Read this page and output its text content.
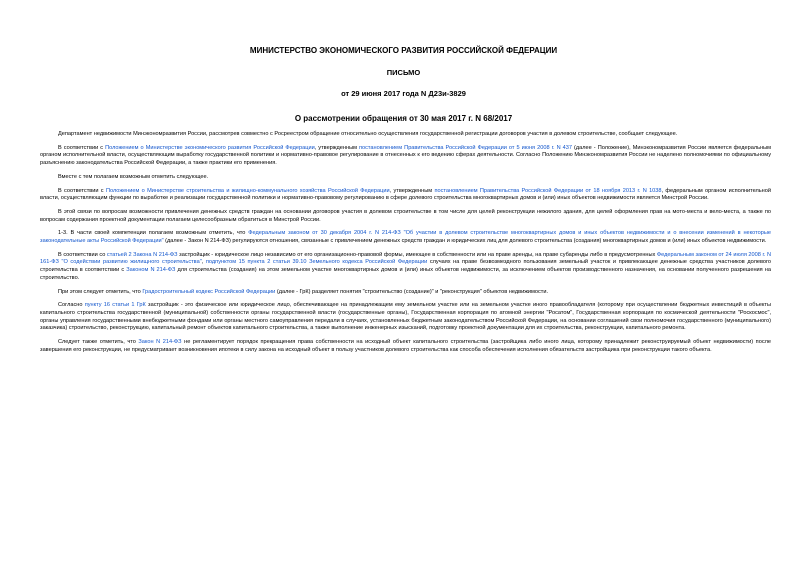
МИНИСТЕРСТВО ЭКОНОМИЧЕСКОГО РАЗВИТИЯ РОССИЙСКОЙ ФЕДЕРАЦИИ
ПИСЬМО
от 29 июня 2017 года N Д23и-3829
О рассмотрении обращения от 30 мая 2017 г. N 68/2017

Департамент недвижимости Минэкономразвития России, рассмотрев совместно с Росреестром обращение относительно осуществления государственной регистрации договоров участия в долевом строительстве, сообщает следующее.

В соответствии с Положением о Министерстве экономического развития Российской Федерации, утвержденным постановлением Правительства Российской Федерации от 5 июня 2008 г. N 437 (далее - Положение), Минэкономразвития России является федеральным органом исполнительной власти, осуществляющим выработку государственной политики и нормативно-правовое регулирование в отнесенных к его ведению сферах деятельности. Согласно Положению Минэкономразвития России не наделено полномочиями по официальному разъяснению законодательства Российской Федерации, а также практики его применения.

Вместе с тем полагаем возможным отметить следующее.

В соответствии с Положением о Министерстве строительства и жилищно-коммунального хозяйства Российской Федерации, утвержденным постановлением Правительства Российской Федерации от 18 ноября 2013 г. N 1038, федеральным органом исполнительной власти, осуществляющим функции по выработке и реализации государственной политики и нормативно-правовому регулированию в сфере долевого строительства многоквартирных домов и (или) иных объектов недвижимости является Минстрой России.

В этой связи по вопросам возможности привлечения денежных средств граждан на основании договоров участия в долевом строительстве в том числе для целей реконструкции нежилого здания, для целей оформления прав на мото-места и вело-места, а также по вопросам содержания проектной документации полагаем целесообразным обратиться в Минстрой России.

1-3. В части своей компетенции полагаем возможным отметить, что Федеральным законом от 30 декабря 2004 г. N 214-ФЗ "Об участии в долевом строительстве многоквартирных домов и иных объектов недвижимости и о внесении изменений в некоторые законодательные акты Российской Федерации" (далее - Закон N 214-ФЗ) регулируются отношения, связанные с привлечением денежных средств граждан и юридических лиц для долевого строительства (создания) многоквартирных домов и (или) иных объектов недвижимости.

В соответствии со статьей 2 Закона N 214-ФЗ застройщик - юридическое лицо независимо от его организационно-правовой формы, имеющее в собственности или на праве аренды, на праве субаренды либо в предусмотренных Федеральным законом от 24 июля 2008 г. N 161-ФЗ "О содействии развитию жилищного строительства", подпунктом 15 пункта 2 статьи 39.10 Земельного кодекса Российской Федерации случаях на праве безвозмездного пользования земельный участок и привлекающее денежные средства участников долевого строительства в соответствии с Законом N 214-ФЗ для строительства (создания) на этом земельном участке многоквартирных домов и (или) иных объектов недвижимости, за исключением объектов производственного назначения, на основании полученного разрешения на строительство.

При этом следует отметить, что Градостроительный кодекс Российской Федерации (далее - ГрК) разделяет понятия "строительство (создание)" и "реконструкция" объектов недвижимости.

Согласно пункту 16 статьи 1 ГрК застройщик - это физическое или юридическое лицо, обеспечивающее на принадлежащем ему земельном участке или на земельном участке иного правообладателя (которому при осуществлении бюджетных инвестиций в объекты капитального строительства государственной (муниципальной) собственности органы государственной власти (государственные органы), Государственная корпорация по атомной энергии "Росатом", Государственная корпорация по космической деятельности "Роскосмос", органы управления государственными внебюджетными фондами или органы местного самоуправления передали в случаях, установленных бюджетным законодательством Российской Федерации, на основании соглашений свои полномочия государственного (муниципального) заказчика) строительство, реконструкцию, капитальный ремонт объектов капитального строительства, а также выполнение инженерных изысканий, подготовку проектной документации для их строительства, реконструкции, капитального ремонта.

Следует также отметить, что Закон N 214-ФЗ не регламентирует порядок прекращения права собственности на исходный объект капитального строительства (застройщика либо иного лица, которому принадлежит реконструируемый объект недвижимости) после завершения его реконструкции, не предусматривает возникновения ипотеки в силу закона на исходный объект в пользу участников долевого строительства как способа обеспечения исполнения обязательств застройщика при реконструкции такого объекта.
